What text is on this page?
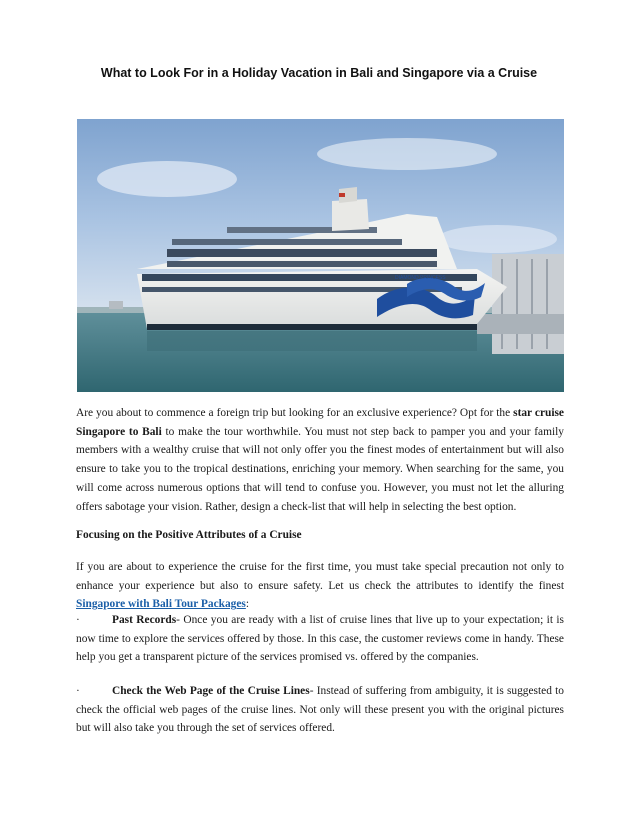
What to Look For in a Holiday Vacation in Bali and Singapore via a Cruise
DIAMOND PRINCESS

Are you about to commence a foreign trip but looking for an exclusive experience? Opt for the star cruise Singapore to Bali to make the tour worthwhile. You must not step back to pamper you and your family members with a wealthy cruise that will not only offer you the finest modes of entertainment but will also ensure to take you to the tropical destinations, enriching your memory. When searching for the same, you will come across numerous options that will tend to confuse you. However, you must not let the alluring offers sabotage your vision. Rather, design a check-list that will help in selecting the best option.

Focusing on the Positive Attributes of a Cruise

If you are about to experience the cruise for the first time, you must take special precaution not only to enhance your experience but also to ensure safety. Let us check the attributes to identify the finest Singapore with Bali Tour Packages:

·	Past Records- Once you are ready with a list of cruise lines that live up to your expectation; it is now time to explore the services offered by those. In this case, the customer reviews come in handy. These help you get a transparent picture of the services promised vs. offered by the companies.

·	Check the Web Page of the Cruise Lines- Instead of suffering from ambiguity, it is suggested to check the official web pages of the cruise lines. Not only will these present you with the original pictures but will also take you through the set of services offered.
